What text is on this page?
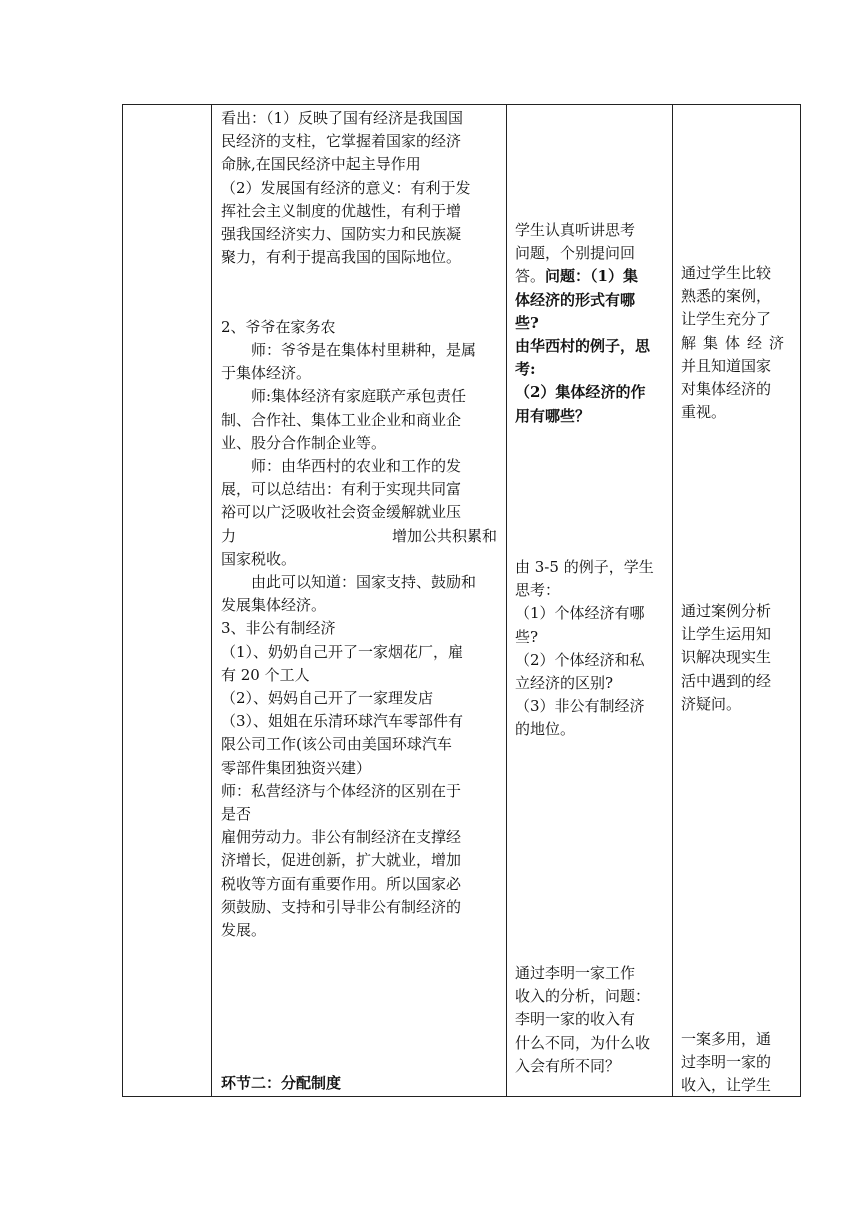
看出：（1）反映了国有经济是我国国

民经济的支柱，它掌握着国家的经济

命脉,在国民经济中起主导作用

（2）发展国有经济的意义：有利于发

挥社会主义制度的优越性，有利于增

强我国经济实力、国防实力和民族凝

聚力，有利于提高我国的国际地位。

2、爷爷在家务农

师：爷爷是在集体村里耕种，是属

于集体经济。

师:集体经济有家庭联产承包责任

制、合作社、集体工业企业和商业企

业、股分合作制企业等。

师：由华西村的农业和工作的发

展，可以总结出：有利于实现共同富

裕可以广泛吸收社会资金缓解就业压

力	增加公共积累和

国家税收。

由此可以知道：国家支持、鼓励和

发展集体经济。

3、非公有制经济

（1）、奶奶自己开了一家烟花厂，雇

有 20 个工人

（2）、妈妈自己开了一家理发店

（3）、姐姐在乐清环球汽车零部件有

限公司工作(该公司由美国环球汽车

零部件集团独资兴建）

师：私营经济与个体经济的区别在于

是否

雇佣劳动力。非公有制经济在支撑经

济增长，促进创新，扩大就业，增加

税收等方面有重要作用。所以国家必

须鼓励、支持和引导非公有制经济的

发展。

环节二：分配制度

学生认真听讲思考

问题，个别提问回

答。问题：（1）集

体经济的形式有哪

些?

由华西村的例子，思

考:

（2）集体经济的作

用有哪些？

由 3-5 的例子，学生

思考：

（1）个体经济有哪

些?

（2）个体经济和私

立经济的区别?

（3）非公有制经济

的地位。

通过李明一家工作

收入的分析，问题：

李明一家的收入有

什么不同，为什么收

入会有所不同？

通过学生比较

熟悉的案例，

让学生充分了

解集体经济

并且知道国家

对集体经济的

重视。

通过案例分析

让学生运用知

识解决现实生

活中遇到的经

济疑问。

一案多用，通

过李明一家的

收入，让学生
